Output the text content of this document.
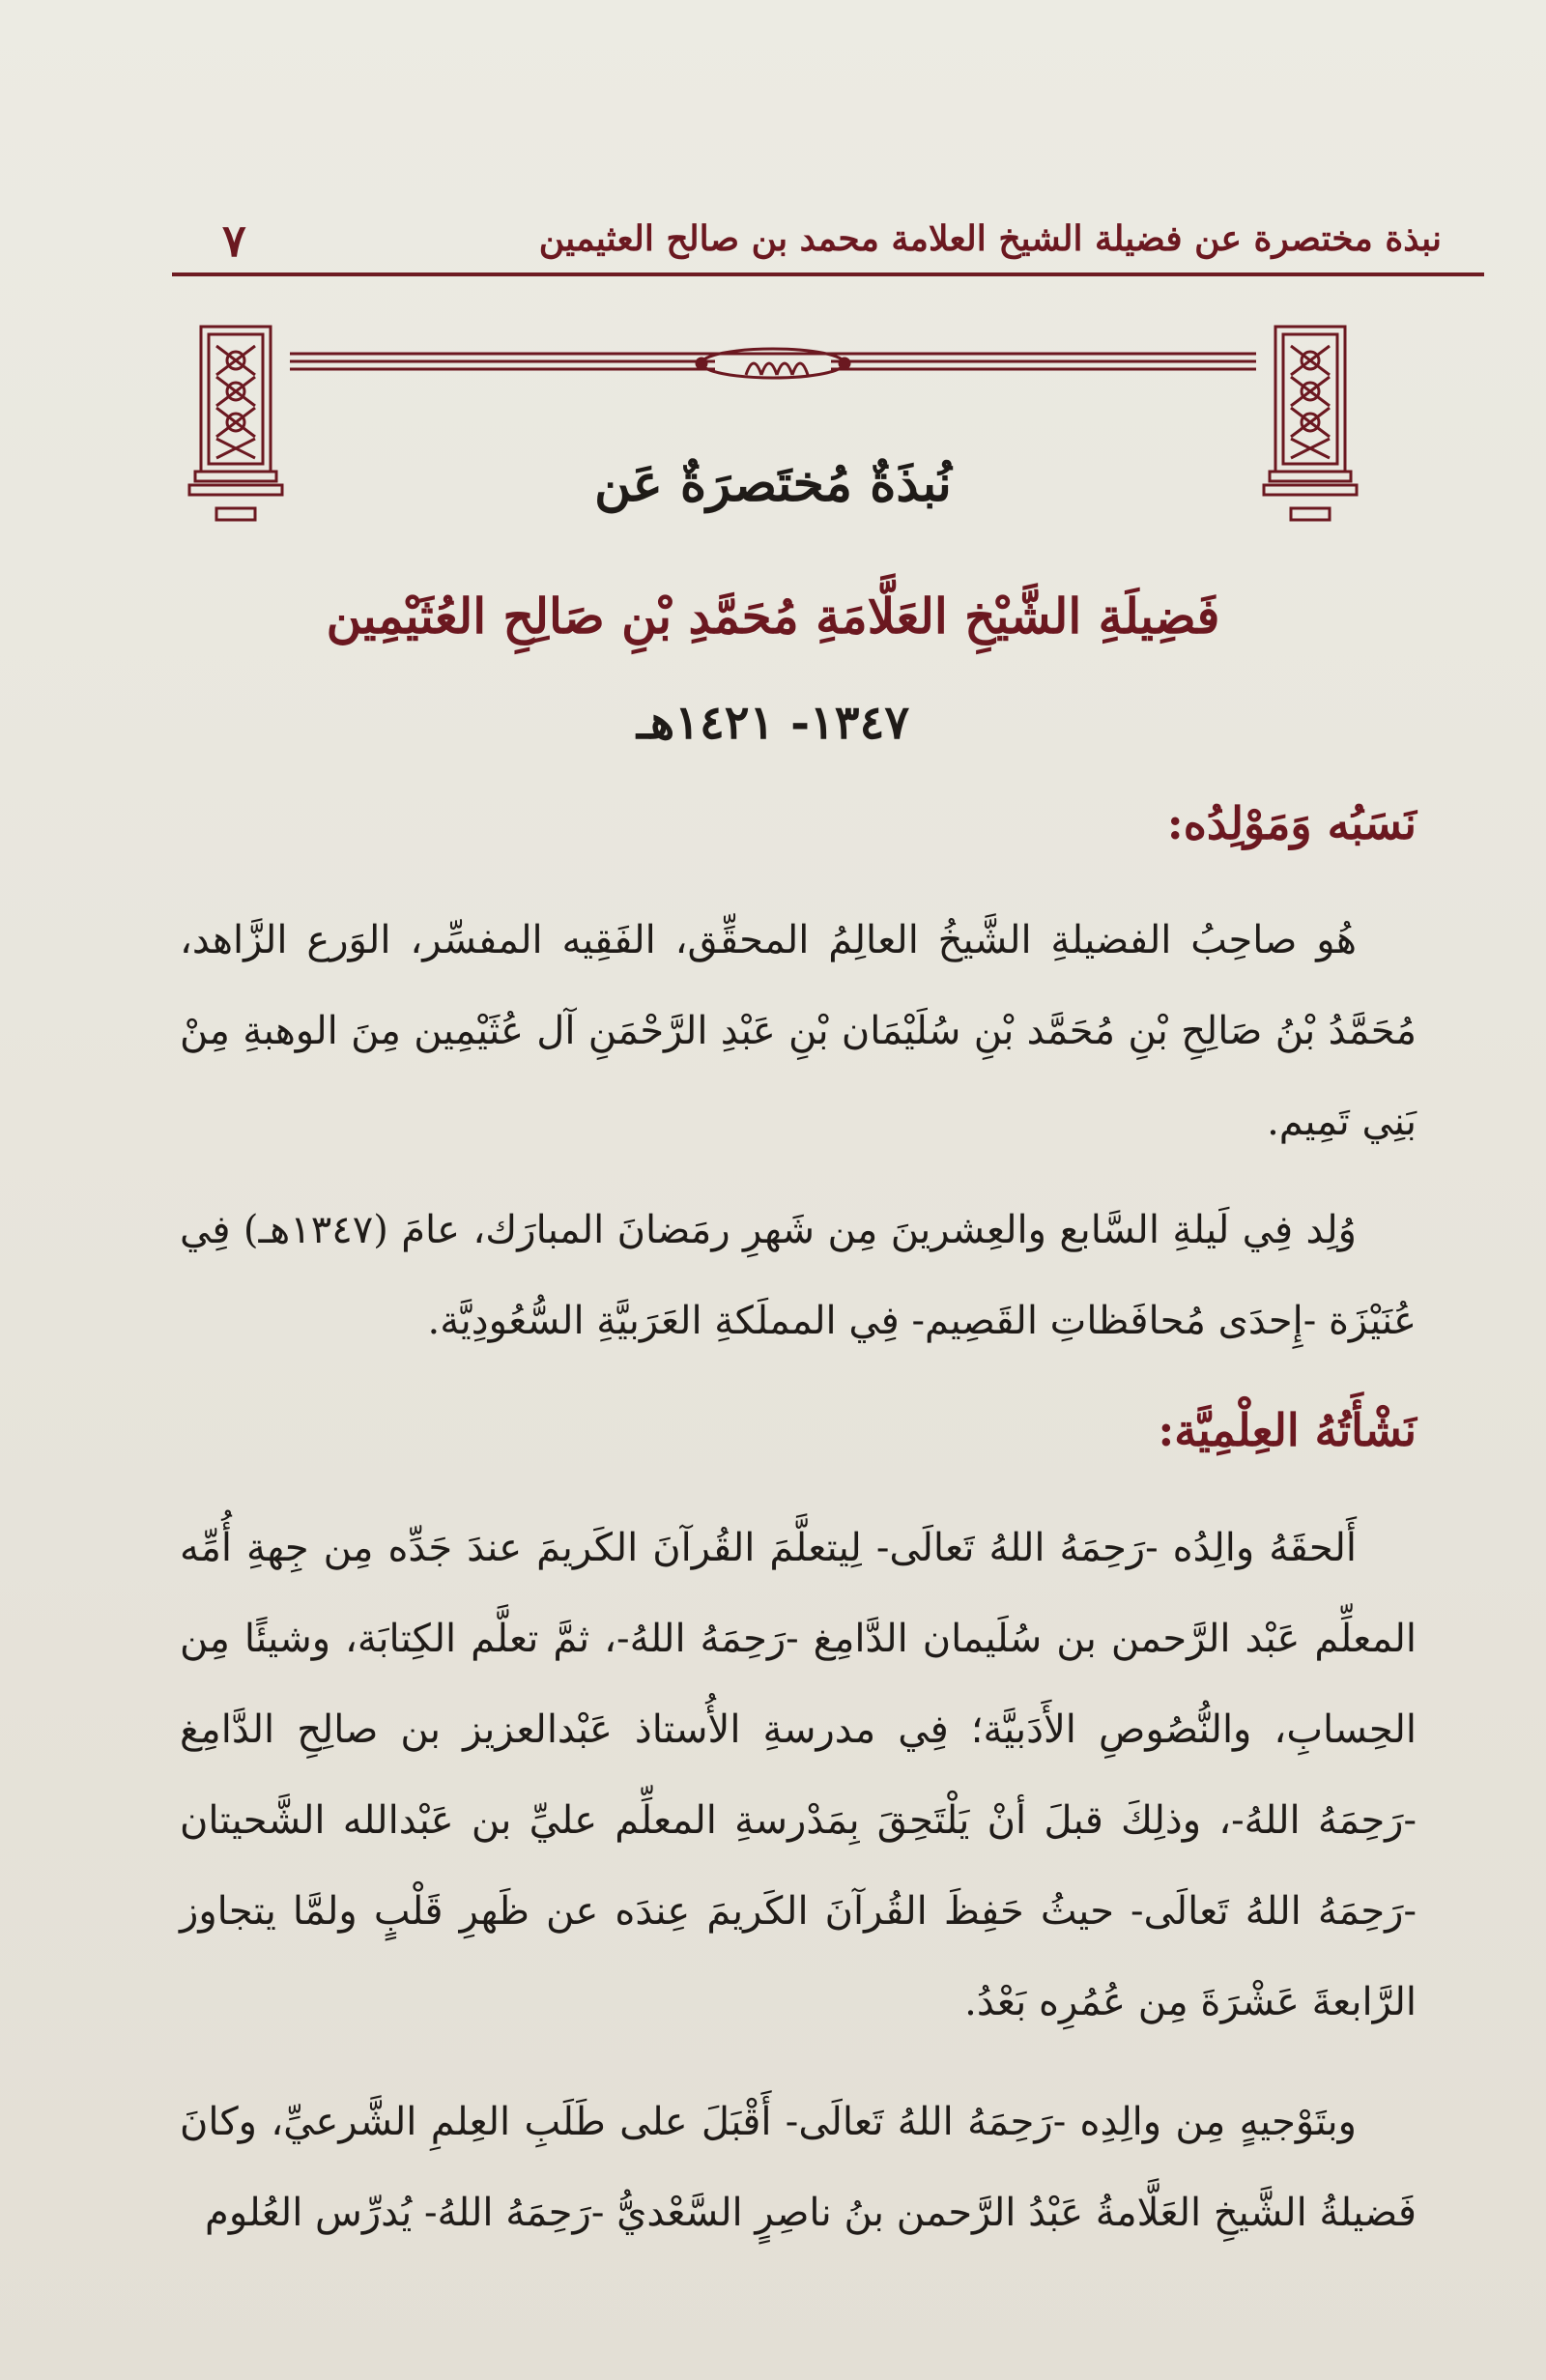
نبذة مختصرة عن فضيلة الشيخ العلامة محمد بن صالح العثيمين
٧
نُبذَةٌ مُختَصرَةٌ عَن
فَضِيلَةِ الشَّيْخِ العَلَّامَةِ مُحَمَّدِ بْنِ صَالِحِ العُثَيْمِين
١٣٤٧- ١٤٢١هـ
نَسَبُه وَمَوْلِدُه:

هُو صاحِبُ الفضيلةِ الشَّيخُ العالِمُ المحقِّق، الفَقِيه المفسِّر، الوَرع الزَّاهد، مُحَمَّدُ بْنُ صَالِحِ بْنِ مُحَمَّد بْنِ سُلَيْمَان بْنِ عَبْدِ الرَّحْمَنِ آل عُثَيْمِين مِنَ الوهبةِ مِنْ بَنِي تَمِيم.

وُلِد فِي لَيلةِ السَّابع والعِشرينَ مِن شَهرِ رمَضانَ المبارَك، عامَ (١٣٤٧هـ) فِي عُنَيْزَة -إِحدَى مُحافَظاتِ القَصِيم- فِي المملَكةِ العَرَبيَّةِ السُّعُودِيَّة.

نَشْأَتُهُ العِلْمِيَّة:

أَلحقَهُ والِدُه -رَحِمَهُ اللهُ تَعالَى- لِيتعلَّمَ القُرآنَ الكَريمَ عندَ جَدِّه مِن جِهةِ أُمِّه المعلِّم عَبْد الرَّحمن بن سُلَيمان الدَّامِغ -رَحِمَهُ اللهُ-، ثمَّ تعلَّم الكِتابَة، وشيئًا مِن الحِسابِ، والنُّصُوصِ الأَدَبيَّة؛ فِي مدرسةِ الأُستاذ عَبْدالعزيز بن صالِحِ الدَّامِغ -رَحِمَهُ اللهُ-، وذلِكَ قبلَ أنْ يَلْتَحِقَ بِمَدْرسةِ المعلِّم عليِّ بن عَبْدالله الشَّحيتان -رَحِمَهُ اللهُ تَعالَى- حيثُ حَفِظَ القُرآنَ الكَريمَ عِندَه عن ظَهرِ قَلْبٍ ولمَّا يتجاوز الرَّابعةَ عَشْرَةَ مِن عُمُرِه بَعْدُ.

وبتَوْجيهٍ مِن والِدِه -رَحِمَهُ اللهُ تَعالَى- أَقْبَلَ على طَلَبِ العِلمِ الشَّرعيِّ، وكانَ فَضيلةُ الشَّيخِ العَلَّامةُ عَبْدُ الرَّحمن بنُ ناصِرٍ السَّعْديُّ -رَحِمَهُ اللهُ- يُدرِّس العُلوم
